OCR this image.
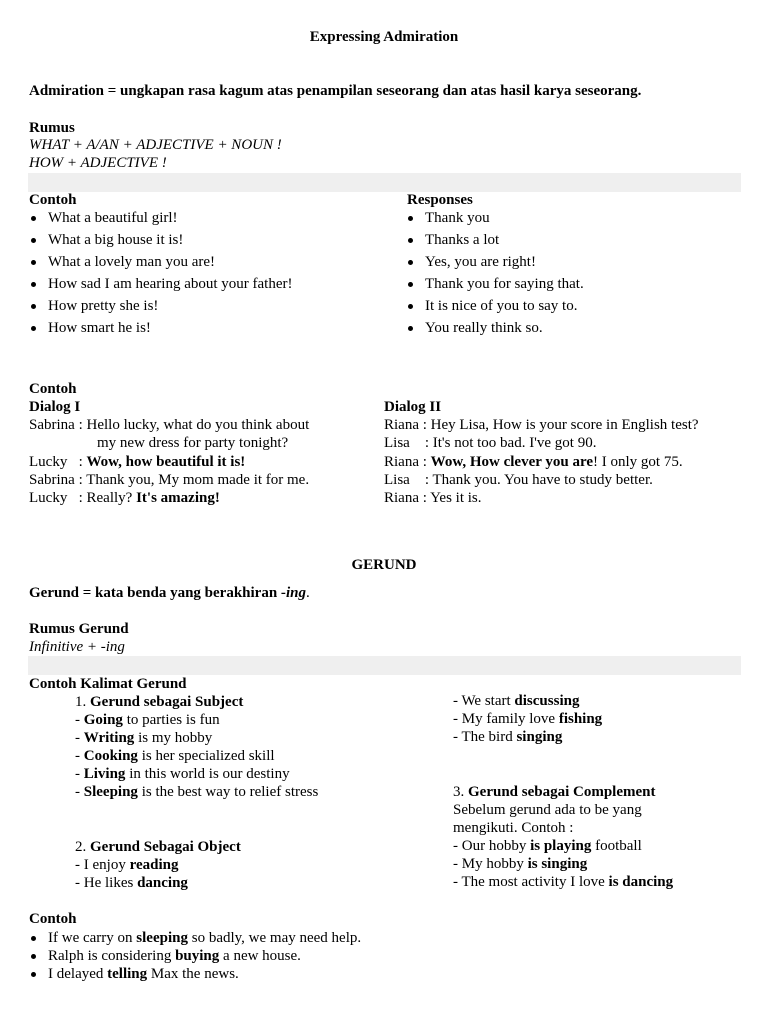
Expressing Admiration
Admiration = ungkapan rasa kagum atas penampilan seseorang dan atas hasil karya seseorang.
Rumus
WHAT + A/AN + ADJECTIVE + NOUN !
HOW + ADJECTIVE !
Contoh
What a beautiful girl!
What a big house it is!
What a lovely man you are!
How sad I am hearing about your father!
How pretty she is!
How smart he is!
Responses
Thank you
Thanks a lot
Yes, you are right!
Thank you for saying that.
It is nice of you to say to.
You really think so.
Contoh
Dialog I
Sabrina : Hello lucky, what do you think about
my new dress for party tonight?
Lucky   : Wow, how beautiful it is!
Sabrina : Thank you, My mom made it for me.
Lucky   : Really? It's amazing!
Dialog II
Riana : Hey Lisa, How is your score in English test?
Lisa    : It's not too bad. I've got 90.
Riana : Wow, How clever you are! I only got 75.
Lisa    : Thank you. You have to study better.
Riana : Yes it is.
GERUND
Gerund = kata benda yang berakhiran -ing.
Rumus Gerund
Infinitive + -ing
Contoh Kalimat Gerund
1. Gerund sebagai Subject
- Going to parties is fun
- Writing is my hobby
- Cooking is her specialized skill
- Living in this world is our destiny
- Sleeping is the best way to relief stress
2. Gerund Sebagai Object
- I enjoy reading
- He likes dancing
- We start discussing
- My family love fishing
- The bird singing
3. Gerund sebagai Complement
Sebelum gerund ada to be yang
mengikuti. Contoh :
- Our hobby is playing football
- My hobby is singing
- The most activity I love is dancing
Contoh
If we carry on sleeping so badly, we may need help.
Ralph is considering buying a new house.
I delayed telling Max the news.
